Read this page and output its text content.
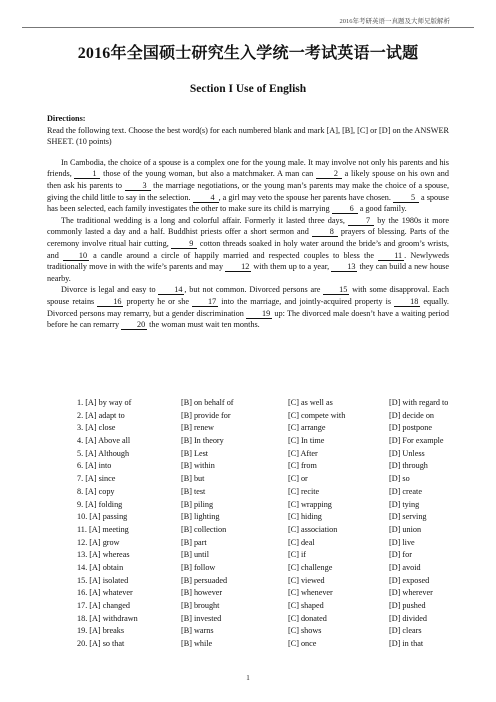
2016年考研英语一真题及大师兄版解析
2016年全国硕士研究生入学统一考试英语一试题
Section I Use of English
Directions:

Read the following text. Choose the best word(s) for each numbered blank and mark [A], [B], [C] or [D] on the ANSWER SHEET. (10 points)

In Cambodia, the choice of a spouse is a complex one for the young male. It may involve not only his parents and his friends, 1 those of the young woman, but also a matchmaker. A man can 2 a likely spouse on his own and then ask his parents to 3 the marriage negotiations, or the young man’s parents may make the choice of a spouse, giving the child little to say in the selection. 4 , a girl may veto the spouse her parents have chosen. 5 a spouse has been selected, each family investigates the other to make sure its child is marrying 6 a good family.

The traditional wedding is a long and colorful affair. Formerly it lasted three days, 7 by the 1980s it more commonly lasted a day and a half. Buddhist priests offer a short sermon and 8 prayers of blessing. Parts of the ceremony involve ritual hair cutting, 9 cotton threads soaked in holy water around the bride’s and groom’s wrists, and 10 a candle around a circle of happily married and respected couples to bless the 11 . Newlyweds traditionally move in with the wife’s parents and may 12 with them up to a year, 13 they can build a new house nearby.

Divorce is legal and easy to 14 , but not common. Divorced persons are 15 with some disapproval. Each spouse retains 16 property he or she 17 into the marriage, and jointly-acquired property is 18 equally. Divorced persons may remarry, but a gender discrimination 19 up: The divorced male doesn’t have a waiting period before he can remarry 20 the woman must wait ten months.

1. [A] by way of	[B] on behalf of	[C] as well as	[D] with regard to
2. [A] adapt to	[B] provide for	[C] compete with	[D] decide on
3. [A] close	[B] renew	[C] arrange	[D] postpone
4. [A] Above all	[B] In theory	[C] In time	[D] For example
5. [A] Although	[B] Lest	[C] After	[D] Unless
6. [A] into	[B] within	[C] from	[D] through
7. [A] since	[B] but	[C] or	[D] so
8. [A] copy	[B] test	[C] recite	[D] create
9. [A] folding	[B] piling	[C] wrapping	[D] tying
10. [A] passing	[B] lighting	[C] hiding	[D] serving
11. [A] meeting	[B] collection	[C] association	[D] union
12. [A] grow	[B] part	[C] deal	[D] live
13. [A] whereas	[B] until	[C] if	[D] for
14. [A] obtain	[B] follow	[C] challenge	[D] avoid
15. [A] isolated	[B] persuaded	[C] viewed	[D] exposed
16. [A] whatever	[B] however	[C] whenever	[D] wherever
17. [A] changed	[B] brought	[C] shaped	[D] pushed
18. [A] withdrawn	[B] invested	[C] donated	[D] divided
19. [A] breaks	[B] warns	[C] shows	[D] clears
20. [A] so that	[B] while	[C] once	[D] in that
1
